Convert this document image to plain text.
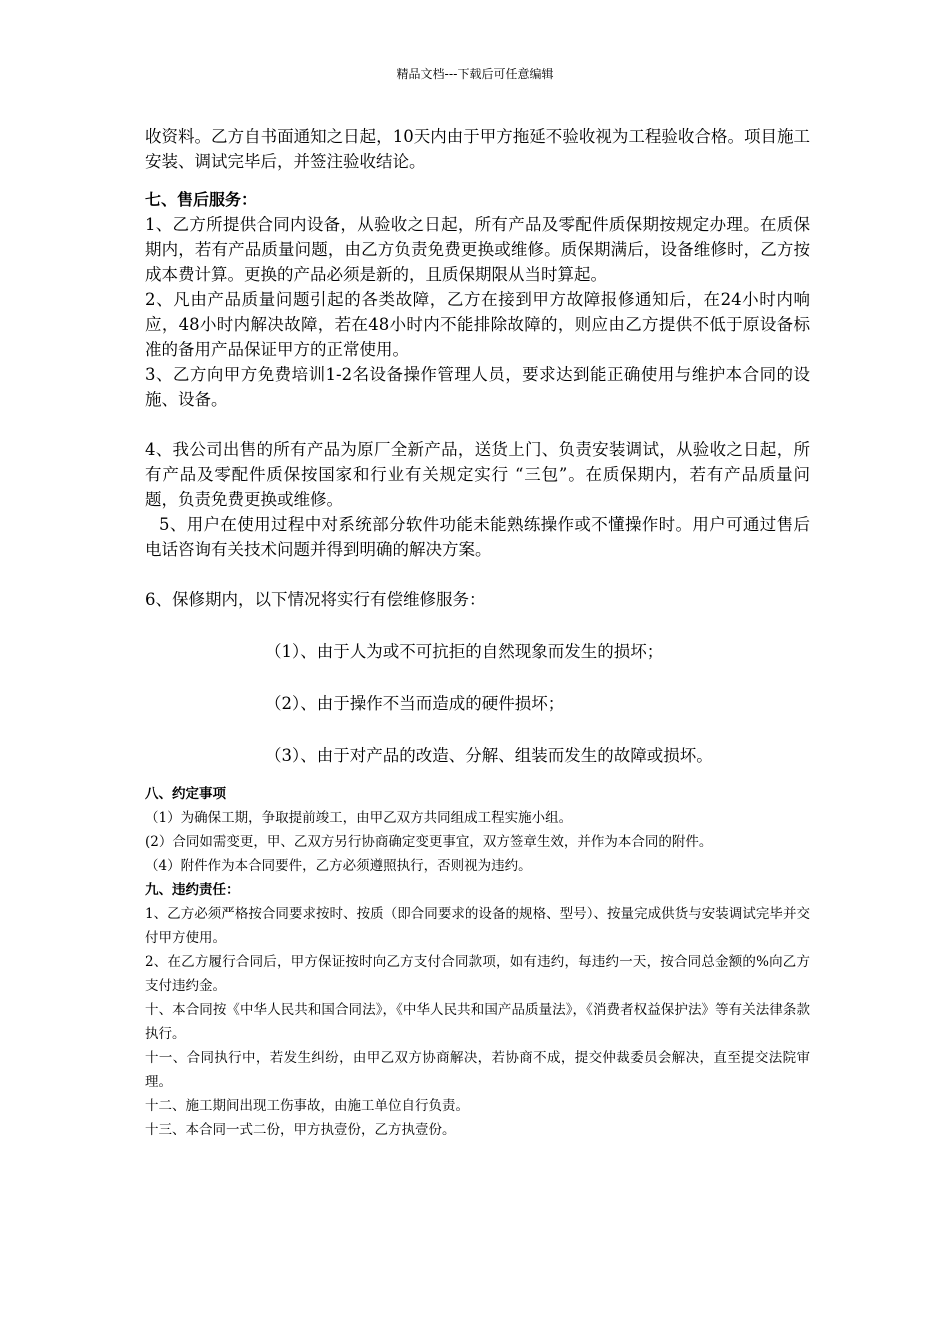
精品文档---下载后可任意编辑

收资料。乙方自书面通知之日起，10天内由于甲方拖延不验收视为工程验收合格。项目施工安装、调试完毕后，并签注验收结论。

七、售后服务：

1、乙方所提供合同内设备，从验收之日起，所有产品及零配件质保期按规定办理。在质保期内，若有产品质量问题，由乙方负责免费更换或维修。质保期满后，设备维修时，乙方按成本费计算。更换的产品必须是新的，且质保期限从当时算起。

2、凡由产品质量问题引起的各类故障，乙方在接到甲方故障报修通知后，在24小时内响应，48小时内解决故障，若在48小时内不能排除故障的，则应由乙方提供不低于原设备标准的备用产品保证甲方的正常使用。

3、乙方向甲方免费培训1-2名设备操作管理人员，要求达到能正确使用与维护本合同的设施、设备。

4、我公司出售的所有产品为原厂全新产品，送货上门、负责安装调试，从验收之日起，所有产品及零配件质保按国家和行业有关规定实行 “三包”。在质保期内，若有产品质量问题，负责免费更换或维修。

5、用户在使用过程中对系统部分软件功能未能熟练操作或不懂操作时。用户可通过售后电话咨询有关技术问题并得到明确的解决方案。

6、保修期内，以下情况将实行有偿维修服务：

（1）、由于人为或不可抗拒的自然现象而发生的损坏；

（2）、由于操作不当而造成的硬件损坏；

（3）、由于对产品的改造、分解、组装而发生的故障或损坏。

八、约定事项

（1）为确保工期，争取提前竣工，由甲乙双方共同组成工程实施小组。

(2）合同如需变更，甲、乙双方另行协商确定变更事宜，双方签章生效，并作为本合同的附件。

（4）附件作为本合同要件，乙方必须遵照执行，否则视为违约。

九、违约责任：

1、乙方必须严格按合同要求按时、按质（即合同要求的设备的规格、型号）、按量完成供货与安装调试完毕并交付甲方使用。

2、在乙方履行合同后，甲方保证按时向乙方支付合同款项，如有违约，每违约一天，按合同总金额的%向乙方支付违约金。

十、本合同按《中华人民共和国合同法》，《中华人民共和国产品质量法》，《消费者权益保护法》等有关法律条款执行。

十一、合同执行中，若发生纠纷，由甲乙双方协商解决，若协商不成，提交仲裁委员会解决，直至提交法院审理。

十二、施工期间出现工伤事故，由施工单位自行负责。

十三、本合同一式二份，甲方执壹份，乙方执壹份。
